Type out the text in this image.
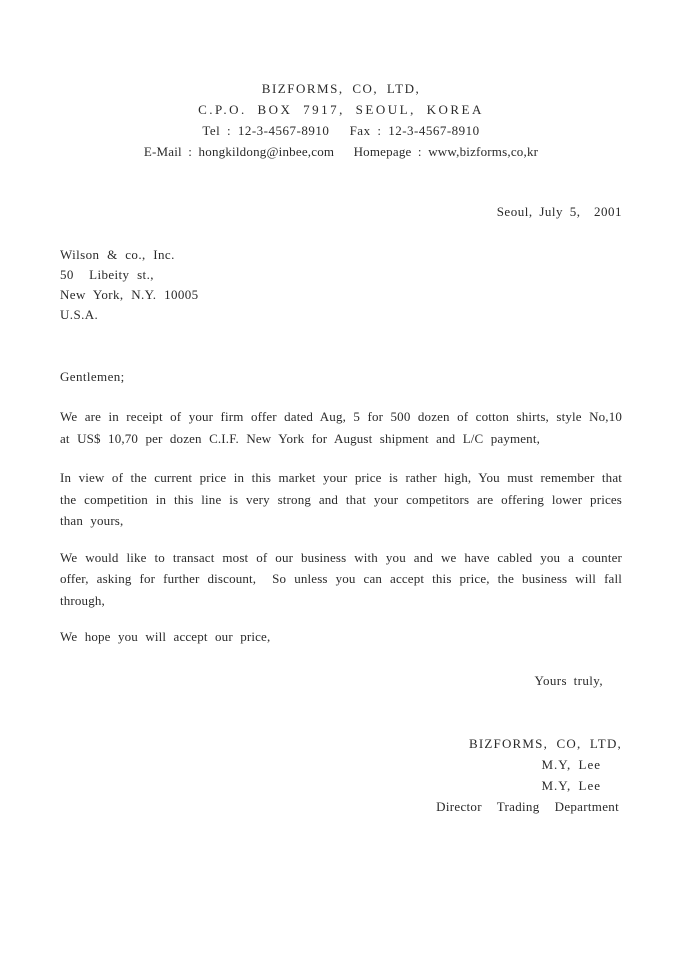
BIZFORMS, CO, LTD,
C.P.O. BOX 7917, SEOUL, KOREA
Tel : 12-3-4567-8910   Fax : 12-3-4567-8910
E-Mail : hongkildong@inbee,com   Homepage : www,bizforms,co,kr
Seoul, July 5,  2001
Wilson & co., Inc.
50  Libeity st.,
New York, N.Y. 10005
U.S.A.
Gentlemen;

We are in receipt of your firm offer dated Aug, 5 for 500 dozen of cotton shirts, style No,10 at US$ 10,70 per dozen C.I.F. New York for August shipment and L/C payment,

In view of the current price in this market your price is rather high, You must remember that the competition in this line is very strong and that your competitors are offering lower prices than yours,

We would like to transact most of our business with you and we have cabled you a counter offer, asking for further discount,  So unless you can accept this price, the business will fall through,

We hope you will accept our price,

Yours truly,
BIZFORMS, CO, LTD,
M.Y, Lee
M.Y, Lee
Director  Trading  Department
